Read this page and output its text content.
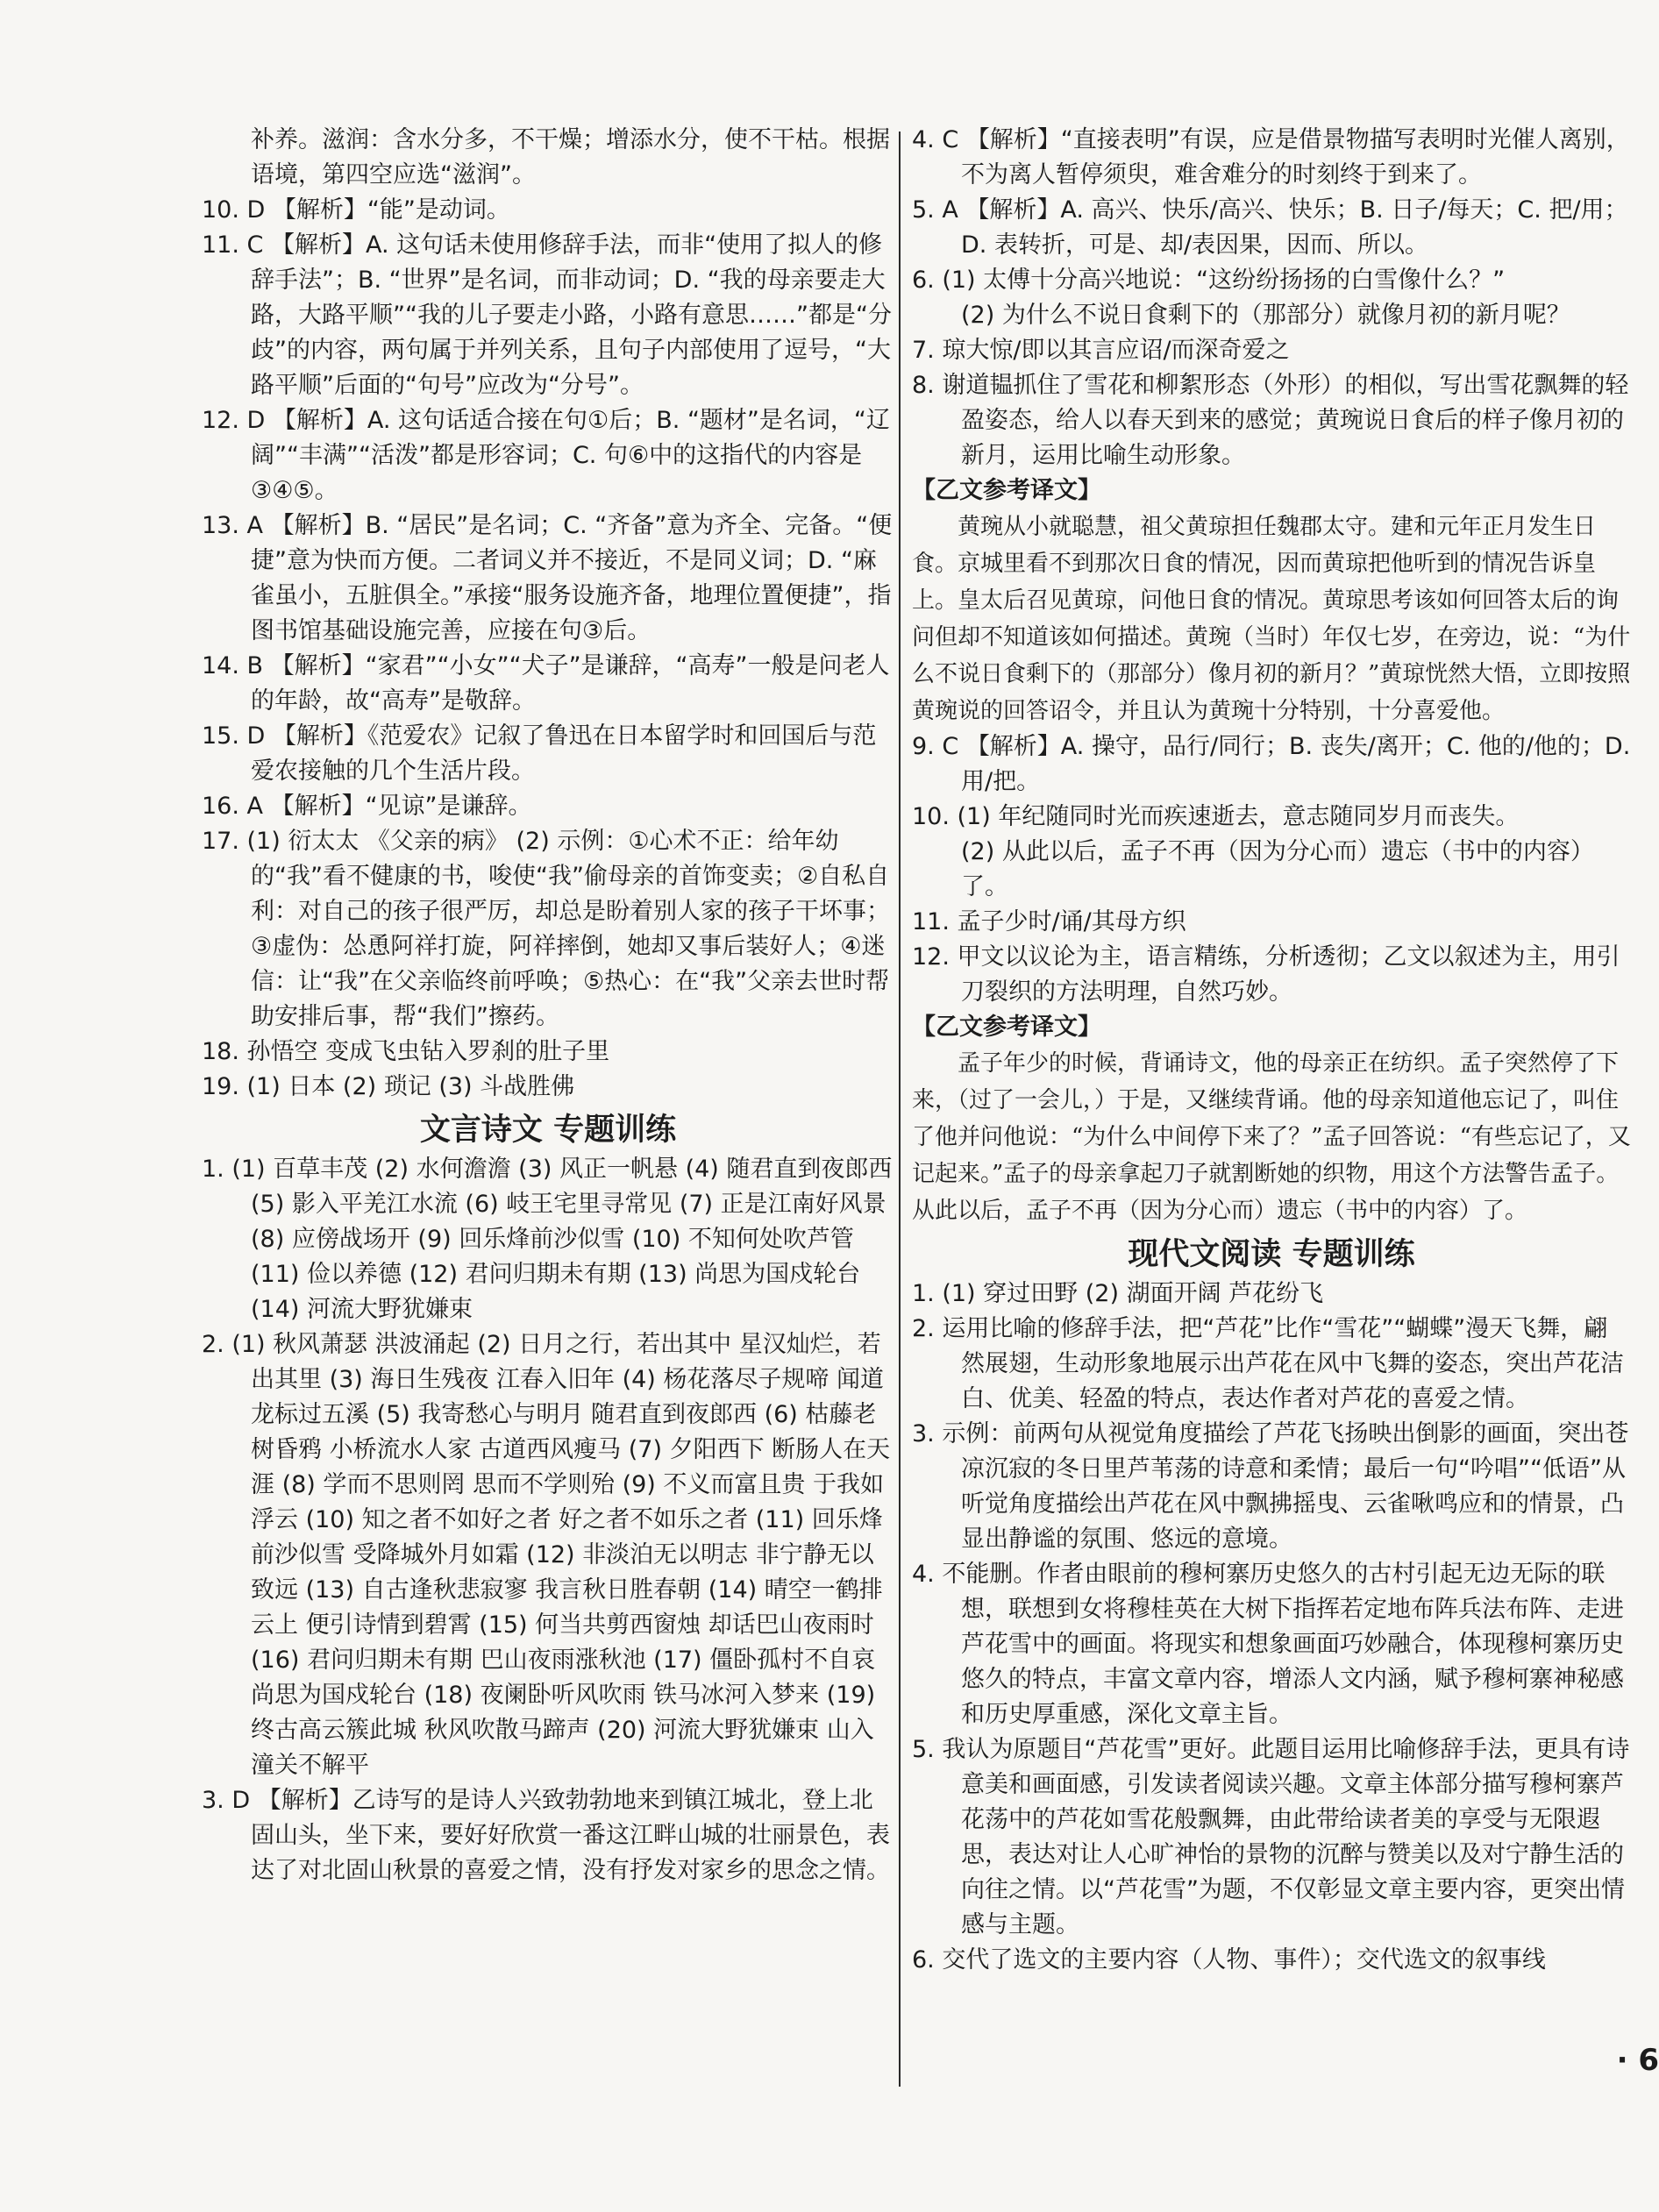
补养。滋润：含水分多，不干燥；增添水分，使不干枯。根据语境，第四空应选“滋润”。

10. D 【解析】“能”是动词。

11. C 【解析】A. 这句话未使用修辞手法，而非“使用了拟人的修辞手法”；B. “世界”是名词，而非动词；D. “我的母亲要走大路，大路平顺”“我的儿子要走小路，小路有意思……”都是“分歧”的内容，两句属于并列关系，且句子内部使用了逗号，“大路平顺”后面的“句号”应改为“分号”。

12. D 【解析】A. 这句话适合接在句①后；B. “题材”是名词，“辽阔”“丰满”“活泼”都是形容词；C. 句⑥中的这指代的内容是③④⑤。

13. A 【解析】B. “居民”是名词；C. “齐备”意为齐全、完备。“便捷”意为快而方便。二者词义并不接近，不是同义词；D. “麻雀虽小，五脏俱全。”承接“服务设施齐备，地理位置便捷”，指图书馆基础设施完善，应接在句③后。

14. B 【解析】“家君”“小女”“犬子”是谦辞，“高寿”一般是问老人的年龄，故“高寿”是敬辞。

15. D 【解析】《范爱农》记叙了鲁迅在日本留学时和回国后与范爱农接触的几个生活片段。

16. A 【解析】“见谅”是谦辞。

17. (1) 衍太太 《父亲的病》 (2) 示例：①心术不正：给年幼的“我”看不健康的书，唆使“我”偷母亲的首饰变卖；②自私自利：对自己的孩子很严厉，却总是盼着别人家的孩子干坏事；③虚伪：怂恿阿祥打旋，阿祥摔倒，她却又事后装好人；④迷信：让“我”在父亲临终前呼唤；⑤热心：在“我”父亲去世时帮助安排后事，帮“我们”擦药。

18. 孙悟空 变成飞虫钻入罗刹的肚子里

19. (1) 日本 (2) 琐记 (3) 斗战胜佛

文言诗文 专题训练

1. (1) 百草丰茂 (2) 水何澹澹 (3) 风正一帆悬 (4) 随君直到夜郎西 (5) 影入平羌江水流 (6) 岐王宅里寻常见 (7) 正是江南好风景 (8) 应傍战场开 (9) 回乐烽前沙似雪 (10) 不知何处吹芦管 (11) 俭以养德 (12) 君问归期未有期 (13) 尚思为国戍轮台 (14) 河流大野犹嫌束

2. (1) 秋风萧瑟 洪波涌起 (2) 日月之行，若出其中 星汉灿烂，若出其里 (3) 海日生残夜 江春入旧年 (4) 杨花落尽子规啼 闻道龙标过五溪 (5) 我寄愁心与明月 随君直到夜郎西 (6) 枯藤老树昏鸦 小桥流水人家 古道西风瘦马 (7) 夕阳西下 断肠人在天涯 (8) 学而不思则罔 思而不学则殆 (9) 不义而富且贵 于我如浮云 (10) 知之者不如好之者 好之者不如乐之者 (11) 回乐烽前沙似雪 受降城外月如霜 (12) 非淡泊无以明志 非宁静无以致远 (13) 自古逢秋悲寂寥 我言秋日胜春朝 (14) 晴空一鹤排云上 便引诗情到碧霄 (15) 何当共剪西窗烛 却话巴山夜雨时 (16) 君问归期未有期 巴山夜雨涨秋池 (17) 僵卧孤村不自哀 尚思为国戍轮台 (18) 夜阑卧听风吹雨 铁马冰河入梦来 (19) 终古高云簇此城 秋风吹散马蹄声 (20) 河流大野犹嫌束 山入潼关不解平

3. D 【解析】乙诗写的是诗人兴致勃勃地来到镇江城北，登上北固山头，坐下来，要好好欣赏一番这江畔山城的壮丽景色，表达了对北固山秋景的喜爱之情，没有抒发对家乡的思念之情。

4. C 【解析】“直接表明”有误，应是借景物描写表明时光催人离别，不为离人暂停须臾，难舍难分的时刻终于到来了。

5. A 【解析】A. 高兴、快乐/高兴、快乐；B. 日子/每天；C. 把/用；D. 表转折，可是、却/表因果，因而、所以。

6. (1) 太傅十分高兴地说：“这纷纷扬扬的白雪像什么？”

(2) 为什么不说日食剩下的（那部分）就像月初的新月呢？

7. 琼大惊/即以其言应诏/而深奇爱之

8. 谢道韫抓住了雪花和柳絮形态（外形）的相似，写出雪花飘舞的轻盈姿态，给人以春天到来的感觉；黄琬说日食后的样子像月初的新月，运用比喻生动形象。

【乙文参考译文】

黄琬从小就聪慧，祖父黄琼担任魏郡太守。建和元年正月发生日食。京城里看不到那次日食的情况，因而黄琼把他听到的情况告诉皇上。皇太后召见黄琼，问他日食的情况。黄琼思考该如何回答太后的询问但却不知道该如何描述。黄琬（当时）年仅七岁，在旁边，说：“为什么不说日食剩下的（那部分）像月初的新月？”黄琼恍然大悟，立即按照黄琬说的回答诏令，并且认为黄琬十分特别，十分喜爱他。

9. C 【解析】A. 操守，品行/同行；B. 丧失/离开；C. 他的/他的；D. 用/把。

10. (1) 年纪随同时光而疾速逝去，意志随同岁月而丧失。

(2) 从此以后，孟子不再（因为分心而）遗忘（书中的内容）了。

11. 孟子少时/诵/其母方织

12. 甲文以议论为主，语言精练，分析透彻；乙文以叙述为主，用引刀裂织的方法明理，自然巧妙。

【乙文参考译文】

孟子年少的时候，背诵诗文，他的母亲正在纺织。孟子突然停了下来，（过了一会儿，）于是，又继续背诵。他的母亲知道他忘记了，叫住了他并问他说：“为什么中间停下来了？”孟子回答说：“有些忘记了，又记起来。”孟子的母亲拿起刀子就割断她的织物，用这个方法警告孟子。从此以后，孟子不再（因为分心而）遗忘（书中的内容）了。

现代文阅读 专题训练

1. (1) 穿过田野 (2) 湖面开阔 芦花纷飞

2. 运用比喻的修辞手法，把“芦花”比作“雪花”“蝴蝶”漫天飞舞，翩然展翅，生动形象地展示出芦花在风中飞舞的姿态，突出芦花洁白、优美、轻盈的特点，表达作者对芦花的喜爱之情。

3. 示例：前两句从视觉角度描绘了芦花飞扬映出倒影的画面，突出苍凉沉寂的冬日里芦苇荡的诗意和柔情；最后一句“吟唱”“低语”从听觉角度描绘出芦花在风中飘拂摇曳、云雀啾鸣应和的情景，凸显出静谧的氛围、悠远的意境。

4. 不能删。作者由眼前的穆柯寨历史悠久的古村引起无边无际的联想，联想到女将穆桂英在大树下指挥若定地布阵兵法布阵、走进芦花雪中的画面。将现实和想象画面巧妙融合，体现穆柯寨历史悠久的特点，丰富文章内容，增添人文内涵，赋予穆柯寨神秘感和历史厚重感，深化文章主旨。

5. 我认为原题目“芦花雪”更好。此题目运用比喻修辞手法，更具有诗意美和画面感，引发读者阅读兴趣。文章主体部分描写穆柯寨芦花荡中的芦花如雪花般飘舞，由此带给读者美的享受与无限遐思，表达对让人心旷神怡的景物的沉醉与赞美以及对宁静生活的向往之情。以“芦花雪”为题，不仅彰显文章主要内容，更突出情感与主题。

6. 交代了选文的主要内容（人物、事件）；交代选文的叙事线

· 6
